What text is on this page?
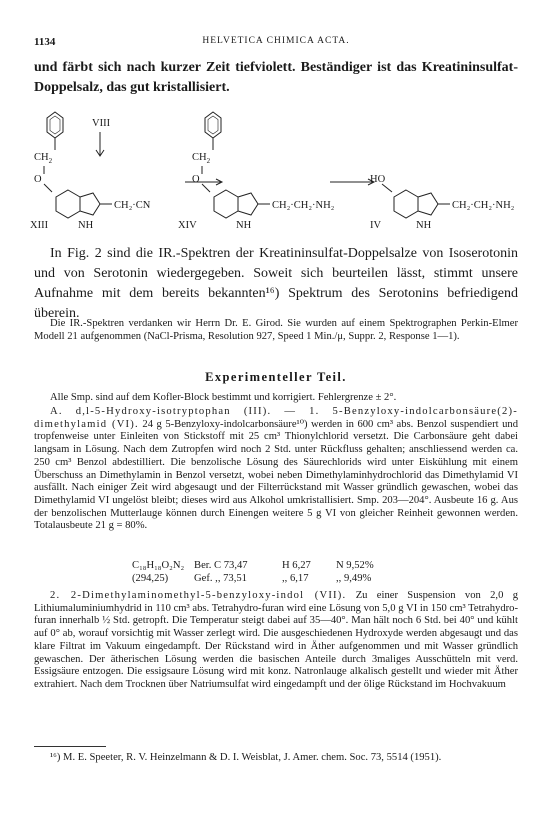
1134	HELVETICA CHIMICA ACTA.
und färbt sich nach kurzer Zeit tiefviolett. Beständiger ist das Kreatininsulfat-Doppelsalz, das gut kristallisiert.
VIII
$CH_2$
O
XIII	NH
CH₂·CN
$CH_2$
O
XIV	NH
CH₂·CH₂·NH₂
HO
IV	NH
CH₂·CH₂·NH₂
In Fig. 2 sind die IR.-Spektren der Kreatininsulfat-Doppelsalze von Isoserotonin und von Serotonin wiedergegeben. Soweit sich beurteilen lässt, stimmt unsere Aufnahme mit dem bereits bekannten¹⁶) Spektrum des Serotonins befriedigend überein.
Die IR.-Spektren verdanken wir Herrn Dr. E. Girod. Sie wurden auf einem Spektrographen Perkin-Elmer Modell 21 aufgenommen (NaCl-Prisma, Resolution 927, Speed 1 Min./μ, Suppr. 2, Response 1—1).
Experimenteller Teil.
Alle Smp. sind auf dem Kofler-Block bestimmt und korrigiert. Fehlergrenze ± 2°.
A. d,l-5-Hydroxy-isotryptophan (III). — 1. 5-Benzyloxy-indolcarbonsäure(2)-dimethylamid (VI). 24 g 5-Benzyloxy-indolcarbonsäure¹⁰) werden in 600 cm³ abs. Benzol suspendiert und tropfenweise unter Einleiten von Stickstoff mit 25 cm³ Thionylchlorid versetzt. Die Carbonsäure geht dabei langsam in Lösung. Nach dem Zutropfen wird noch 2 Std. unter Rückfluss gehalten; anschliessend werden ca. 250 cm³ Benzol abdestilliert. Die benzolische Lösung des Säurechlorids wird unter Eiskühlung mit einem Überschuss an Dimethylamin in Benzol versetzt, wobei neben Dimethylaminhydrochlorid das Dimethylamid VI ausfällt. Nach einiger Zeit wird abgesaugt und der Filterrückstand mit Wasser gründlich gewaschen, wobei das Dimethylamid VI ungelöst bleibt; dieses wird aus Alkohol umkristallisiert. Smp. 203—204°. Ausbeute 16 g. Aus der benzolischen Mutterlauge können durch Einengen weitere 5 g VI von gleicher Reinheit gewonnen werden. Totalausbeute 21 g = 80%.
C₁₈H₁₈O₂N₂ Ber. C 73,47	H 6,27 N 9,52%
(294,25) Gef. ,, 73,51	,, 6,17	,, 9,49%
2. 2-Dimethylaminomethyl-5-benzyloxy-indol (VII). Zu einer Suspension von 2,0 g Lithiumaluminiumhydrid in 110 cm³ abs. Tetrahydro-furan wird eine Lösung von 5,0 g VI in 150 cm³ Tetrahydro-furan innerhalb ½ Std. getropft. Die Temperatur steigt dabei auf 35—40°. Man hält noch 6 Std. bei 40° und kühlt auf 0° ab, worauf vorsichtig mit Wasser zerlegt wird. Die ausgeschiedenen Hydroxyde werden abgesaugt und das klare Filtrat im Vakuum eingedampft. Der Rückstand wird in Äther aufgenommen und mit Wasser gründlich gewaschen. Der ätherischen Lösung werden die basischen Anteile durch 3maliges Ausschütteln mit verd. Essigsäure entzogen. Die essigsaure Lösung wird mit konz. Natronlauge alkalisch gestellt und wieder mit Äther extrahiert. Nach dem Trocknen über Natriumsulfat wird eingedampft und der ölige Rückstand im Hochvakuum
¹⁶) M. E. Speeter, R. V. Heinzelmann & D. I. Weisblat, J. Amer. chem. Soc. 73, 5514 (1951).
